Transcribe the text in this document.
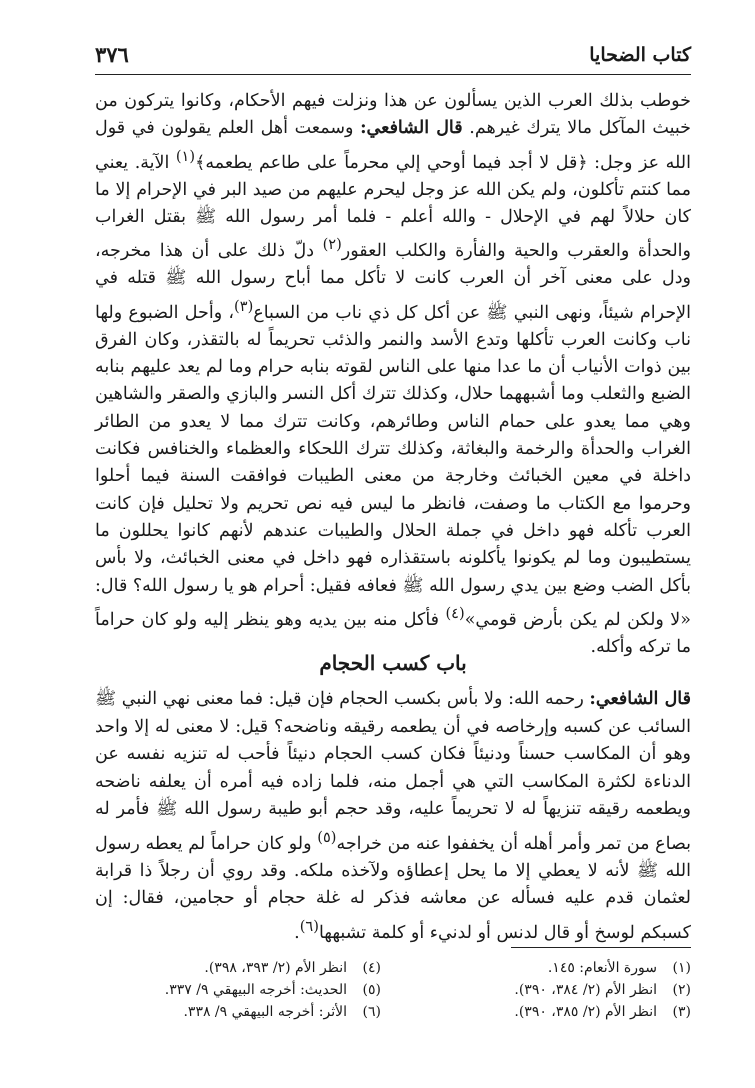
كتاب الضحايا
٣٧٦

خوطب بذلك العرب الذين يسألون عن هذا ونزلت فيهم الأحكام، وكانوا يتركون من خبيث المآكل مالا يترك غيرهم. قال الشافعي: وسمعت أهل العلم يقولون في قول الله عز وجل: ﴿قل لا أجد فيما أوحي إلي محرماً على طاعم يطعمه﴾$^{(١)}$ الآية. يعني مما كنتم تأكلون، ولم يكن الله عز وجل ليحرم عليهم من صيد البر في الإحرام إلا ما كان حلالاً لهم في الإحلال - والله أعلم - فلما أمر رسول الله ﷺ بقتل الغراب والحدأة والعقرب والحية والفأرة والكلب العقور$^{(٢)}$ دلّ ذلك على أن هذا مخرجه، ودل على معنى آخر أن العرب كانت لا تأكل مما أباح رسول الله ﷺ قتله في الإحرام شيئاً، ونهى النبي ﷺ عن أكل كل ذي ناب من السباع$^{(٣)}$، وأحل الضبوع ولها ناب وكانت العرب تأكلها وتدع الأسد والنمر والذئب تحريماً له بالتقذر، وكان الفرق بين ذوات الأنياب أن ما عدا منها على الناس لقوته بنابه حرام وما لم يعد عليهم بنابه الضبع والثعلب وما أشبههما حلال، وكذلك تترك أكل النسر والبازي والصقر والشاهين وهي مما يعدو على حمام الناس وطائرهم، وكانت تترك مما لا يعدو من الطائر الغراب والحدأة والرخمة والبغاثة، وكذلك تترك اللحكاء والعظماء والخنافس فكانت داخلة في معين الخبائث وخارجة من معنى الطيبات فوافقت السنة فيما أحلوا وحرموا مع الكتاب ما وصفت، فانظر ما ليس فيه نص تحريم ولا تحليل فإن كانت العرب تأكله فهو داخل في جملة الحلال والطيبات عندهم لأنهم كانوا يحللون ما يستطيبون وما لم يكونوا يأكلونه باستقذاره فهو داخل في معنى الخبائث، ولا بأس بأكل الضب وضع بين يدي رسول الله ﷺ فعافه فقيل: أحرام هو يا رسول الله؟ قال: «لا ولكن لم يكن بأرض قومي»$^{(٤)}$ فأكل منه بين يديه وهو ينظر إليه ولو كان حراماً ما تركه وأكله.

باب كسب الحجام

قال الشافعي: رحمه الله: ولا بأس بكسب الحجام فإن قيل: فما معنى نهي النبي ﷺ السائب عن كسبه وإرخاصه في أن يطعمه رقيقه وناضحه؟ قيل: لا معنى له إلا واحد وهو أن المكاسب حسناً ودنيئاً فكان كسب الحجام دنيئاً فأحب له تنزيه نفسه عن الدناءة لكثرة المكاسب التي هي أجمل منه، فلما زاده فيه أمره أن يعلفه ناضحه ويطعمه رقيقه تنزيهاً له لا تحريماً عليه، وقد حجم أبو طيبة رسول الله ﷺ فأمر له بصاع من تمر وأمر أهله أن يخففوا عنه من خراجه$^{(٥)}$ ولو كان حراماً لم يعطه رسول الله ﷺ لأنه لا يعطي إلا ما يحل إعطاؤه ولآخذه ملكه. وقد روي أن رجلاً ذا قرابة لعثمان قدم عليه فسأله عن معاشه فذكر له غلة حجام أو حجامين، فقال: إن كسبكم لوسخ أو قال لدنس أو لدنيء أو كلمة تشبهها$^{(٦)}$.

(١)سورة الأنعام: ١٤٥.
(٢)انظر الأم (٢/ ٣٨٤، ٣٩٠).
(٣)انظر الأم (٢/ ٣٨٥، ٣٩٠).
(٤)انظر الأم (٢/ ٣٩٣، ٣٩٨).
(٥)الحديث: أخرجه البيهقي ٩/ ٣٣٧.
(٦)الأثر: أخرجه البيهقي ٩/ ٣٣٨.
